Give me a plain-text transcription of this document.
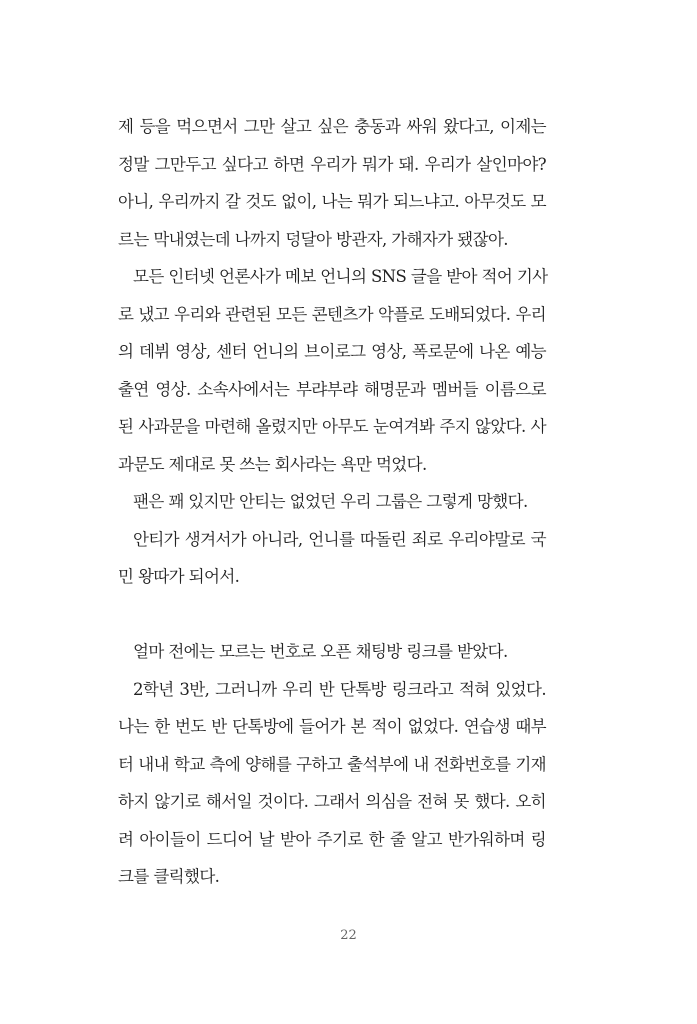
제 등을 먹으면서 그만 살고 싶은 충동과 싸워 왔다고, 이제는
정말 그만두고 싶다고 하면 우리가 뭐가 돼. 우리가 살인마야?
아니, 우리까지 갈 것도 없이, 나는 뭐가 되느냐고. 아무것도 모
르는 막내였는데 나까지 덩달아 방관자, 가해자가 됐잖아.
모든 인터넷 언론사가 메보 언니의 SNS 글을 받아 적어 기사
로 냈고 우리와 관련된 모든 콘텐츠가 악플로 도배되었다. 우리
의 데뷔 영상, 센터 언니의 브이로그 영상, 폭로문에 나온 예능
출연 영상. 소속사에서는 부랴부랴 해명문과 멤버들 이름으로
된 사과문을 마련해 올렸지만 아무도 눈여겨봐 주지 않았다. 사
과문도 제대로 못 쓰는 회사라는 욕만 먹었다.
팬은 꽤 있지만 안티는 없었던 우리 그룹은 그렇게 망했다.
안티가 생겨서가 아니라, 언니를 따돌린 죄로 우리야말로 국
민 왕따가 되어서.
얼마 전에는 모르는 번호로 오픈 채팅방 링크를 받았다.
2학년 3반, 그러니까 우리 반 단톡방 링크라고 적혀 있었다.
나는 한 번도 반 단톡방에 들어가 본 적이 없었다. 연습생 때부
터 내내 학교 측에 양해를 구하고 출석부에 내 전화번호를 기재
하지 않기로 해서일 것이다. 그래서 의심을 전혀 못 했다. 오히
려 아이들이 드디어 날 받아 주기로 한 줄 알고 반가워하며 링
크를 클릭했다.
22
